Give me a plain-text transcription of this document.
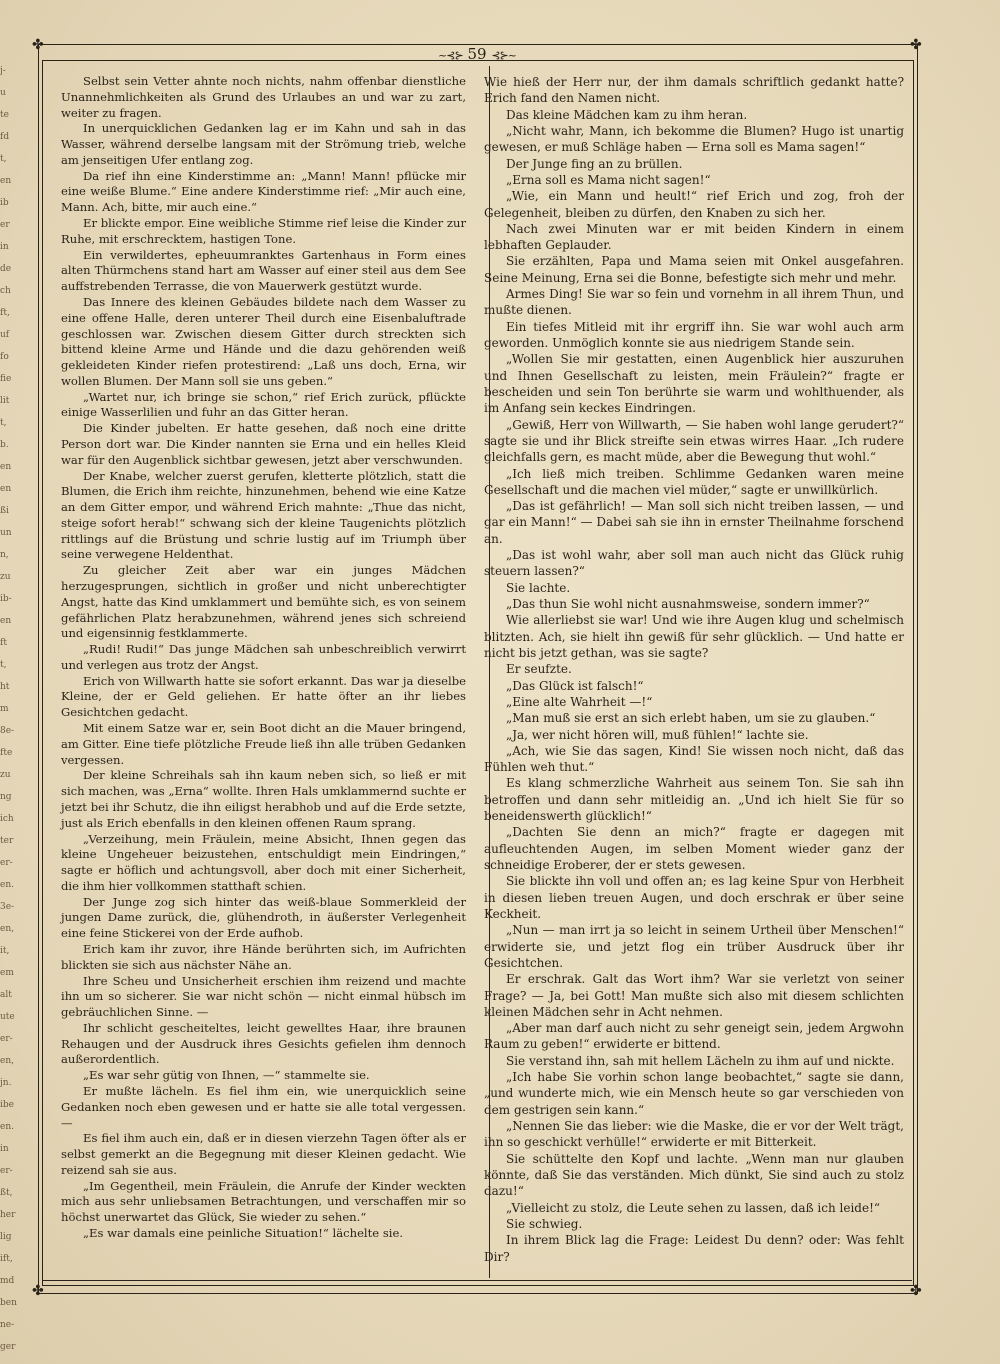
j-
u
te
fd
t,
en
ib
er
in
de
ch
ft,
uf
fo
fie
lit
t,
b.
en
en
ßi
un
n,
zu
ib-
en
ft
t,
ht
m
8e-
fte
zu
ng
ich
ter
er-
en.
3e-
en,
it,
em
alt
ute
er-
en,
jn.
ibe
en.
in
er-
ßt,
her
lig
ift,
md
ben
ne-
ger
✤	✤
✤	✤
~⊰⊱ 59 ⊰⊱~

Selbst sein Vetter ahnte noch nichts, nahm offenbar dienstliche Unannehmlichkeiten als Grund des Urlaubes an und war zu zart, weiter zu fragen.

In unerquicklichen Gedanken lag er im Kahn und sah in das Wasser, während derselbe langsam mit der Strömung trieb, welche am jenseitigen Ufer entlang zog.

Da rief ihn eine Kinderstimme an: „Mann! Mann! pflücke mir eine weiße Blume.“ Eine andere Kinderstimme rief: „Mir auch eine, Mann. Ach, bitte, mir auch eine.“

Er blickte empor. Eine weibliche Stimme rief leise die Kinder zur Ruhe, mit erschrecktem, hastigen Tone.

Ein verwildertes, epheuumranktes Gartenhaus in Form eines alten Thürmchens stand hart am Wasser auf einer steil aus dem See auffstrebenden Terrasse, die von Mauerwerk gestützt wurde.

Das Innere des kleinen Gebäudes bildete nach dem Wasser zu eine offene Halle, deren unterer Theil durch eine Eisenbaluftrade geschlossen war. Zwischen diesem Gitter durch streckten sich bittend kleine Arme und Hände und die dazu gehörenden weiß gekleideten Kinder riefen protestirend: „Laß uns doch, Erna, wir wollen Blumen. Der Mann soll sie uns geben.“

„Wartet nur, ich bringe sie schon,“ rief Erich zurück, pflückte einige Wasserlilien und fuhr an das Gitter heran.

Die Kinder jubelten. Er hatte gesehen, daß noch eine dritte Person dort war. Die Kinder nannten sie Erna und ein helles Kleid war für den Augenblick sichtbar gewesen, jetzt aber verschwunden.

Der Knabe, welcher zuerst gerufen, kletterte plötzlich, statt die Blumen, die Erich ihm reichte, hinzunehmen, behend wie eine Katze an dem Gitter empor, und während Erich mahnte: „Thue das nicht, steige sofort herab!“ schwang sich der kleine Taugenichts plötzlich rittlings auf die Brüstung und schrie lustig auf im Triumph über seine verwegene Heldenthat.

Zu gleicher Zeit aber war ein junges Mädchen herzugesprungen, sichtlich in großer und nicht unberechtigter Angst, hatte das Kind umklammert und bemühte sich, es von seinem gefährlichen Platz herabzunehmen, während jenes sich schreiend und eigensinnig festklammerte.

„Rudi! Rudi!“ Das junge Mädchen sah unbeschreiblich verwirrt und verlegen aus trotz der Angst.

Erich von Willwarth hatte sie sofort erkannt. Das war ja dieselbe Kleine, der er Geld geliehen. Er hatte öfter an ihr liebes Gesichtchen gedacht.

Mit einem Satze war er, sein Boot dicht an die Mauer bringend, am Gitter. Eine tiefe plötzliche Freude ließ ihn alle trüben Gedanken vergessen.

Der kleine Schreihals sah ihn kaum neben sich, so ließ er mit sich machen, was „Erna“ wollte. Ihren Hals umklammernd suchte er jetzt bei ihr Schutz, die ihn eiligst herabhob und auf die Erde setzte, just als Erich ebenfalls in den kleinen offenen Raum sprang.

„Verzeihung, mein Fräulein, meine Absicht, Ihnen gegen das kleine Ungeheuer beizustehen, entschuldigt mein Eindringen,“ sagte er höflich und achtungsvoll, aber doch mit einer Sicherheit, die ihm hier vollkommen statthaft schien.

Der Junge zog sich hinter das weiß-blaue Sommerkleid der jungen Dame zurück, die, glühendroth, in äußerster Verlegenheit eine feine Stickerei von der Erde aufhob.

Erich kam ihr zuvor, ihre Hände berührten sich, im Aufrichten blickten sie sich aus nächster Nähe an.

Ihre Scheu und Unsicherheit erschien ihm reizend und machte ihn um so sicherer. Sie war nicht schön — nicht einmal hübsch im gebräuchlichen Sinne. —

Ihr schlicht gescheiteltes, leicht gewelltes Haar, ihre braunen Rehaugen und der Ausdruck ihres Gesichts gefielen ihm dennoch außerordentlich.

„Es war sehr gütig von Ihnen, —“ stammelte sie.

Er mußte lächeln. Es fiel ihm ein, wie unerquicklich seine Gedanken noch eben gewesen und er hatte sie alle total vergessen. —

Es fiel ihm auch ein, daß er in diesen vierzehn Tagen öfter als er selbst gemerkt an die Begegnung mit dieser Kleinen gedacht. Wie reizend sah sie aus.

„Im Gegentheil, mein Fräulein, die Anrufe der Kinder weckten mich aus sehr unliebsamen Betrachtungen, und verschaffen mir so höchst unerwartet das Glück, Sie wieder zu sehen.“

„Es war damals eine peinliche Situation!“ lächelte sie.

Wie hieß der Herr nur, der ihm damals schriftlich gedankt hatte? Erich fand den Namen nicht.

Das kleine Mädchen kam zu ihm heran.

„Nicht wahr, Mann, ich bekomme die Blumen? Hugo ist unartig gewesen, er muß Schläge haben — Erna soll es Mama sagen!“

Der Junge fing an zu brüllen.

„Erna soll es Mama nicht sagen!“

„Wie, ein Mann und heult!“ rief Erich und zog, froh der Gelegenheit, bleiben zu dürfen, den Knaben zu sich her.

Nach zwei Minuten war er mit beiden Kindern in einem lebhaften Geplauder.

Sie erzählten, Papa und Mama seien mit Onkel ausgefahren. Seine Meinung, Erna sei die Bonne, befestigte sich mehr und mehr.

Armes Ding! Sie war so fein und vornehm in all ihrem Thun, und mußte dienen.

Ein tiefes Mitleid mit ihr ergriff ihn. Sie war wohl auch arm geworden. Unmöglich konnte sie aus niedrigem Stande sein.

„Wollen Sie mir gestatten, einen Augenblick hier auszuruhen und Ihnen Gesellschaft zu leisten, mein Fräulein?“ fragte er bescheiden und sein Ton berührte sie warm und wohlthuender, als im Anfang sein keckes Eindringen.

„Gewiß, Herr von Willwarth, — Sie haben wohl lange gerudert?“ sagte sie und ihr Blick streifte sein etwas wirres Haar. „Ich rudere gleichfalls gern, es macht müde, aber die Bewegung thut wohl.“

„Ich ließ mich treiben. Schlimme Gedanken waren meine Gesellschaft und die machen viel müder,“ sagte er unwillkürlich.

„Das ist gefährlich! — Man soll sich nicht treiben lassen, — und gar ein Mann!“ — Dabei sah sie ihn in ernster Theilnahme forschend an.

„Das ist wohl wahr, aber soll man auch nicht das Glück ruhig steuern lassen?“

Sie lachte.

„Das thun Sie wohl nicht ausnahmsweise, sondern immer?“

Wie allerliebst sie war! Und wie ihre Augen klug und schelmisch blitzten. Ach, sie hielt ihn gewiß für sehr glücklich. — Und hatte er nicht bis jetzt gethan, was sie sagte?

Er seufzte.

„Das Glück ist falsch!“

„Eine alte Wahrheit —!“

„Man muß sie erst an sich erlebt haben, um sie zu glauben.“

„Ja, wer nicht hören will, muß fühlen!“ lachte sie.

„Ach, wie Sie das sagen, Kind! Sie wissen noch nicht, daß das Fühlen weh thut.“

Es klang schmerzliche Wahrheit aus seinem Ton. Sie sah ihn betroffen und dann sehr mitleidig an. „Und ich hielt Sie für so beneidenswerth glücklich!“

„Dachten Sie denn an mich?“ fragte er dagegen mit aufleuchtenden Augen, im selben Moment wieder ganz der schneidige Eroberer, der er stets gewesen.

Sie blickte ihn voll und offen an; es lag keine Spur von Herbheit in diesen lieben treuen Augen, und doch erschrak er über seine Keckheit.

„Nun — man irrt ja so leicht in seinem Urtheil über Menschen!“ erwiderte sie, und jetzt flog ein trüber Ausdruck über ihr Gesichtchen.

Er erschrak. Galt das Wort ihm? War sie verletzt von seiner Frage? — Ja, bei Gott! Man mußte sich also mit diesem schlichten kleinen Mädchen sehr in Acht nehmen.

„Aber man darf auch nicht zu sehr geneigt sein, jedem Argwohn Raum zu geben!“ erwiderte er bittend.

Sie verstand ihn, sah mit hellem Lächeln zu ihm auf und nickte.

„Ich habe Sie vorhin schon lange beobachtet,“ sagte sie dann, „und wunderte mich, wie ein Mensch heute so gar verschieden von dem gestrigen sein kann.“

„Nennen Sie das lieber: wie die Maske, die er vor der Welt trägt, ihn so geschickt verhülle!“ erwiderte er mit Bitterkeit.

Sie schüttelte den Kopf und lachte. „Wenn man nur glauben könnte, daß Sie das verständen. Mich dünkt, Sie sind auch zu stolz dazu!“

„Vielleicht zu stolz, die Leute sehen zu lassen, daß ich leide!“

Sie schwieg.

In ihrem Blick lag die Frage: Leidest Du denn? oder: Was fehlt Dir?
